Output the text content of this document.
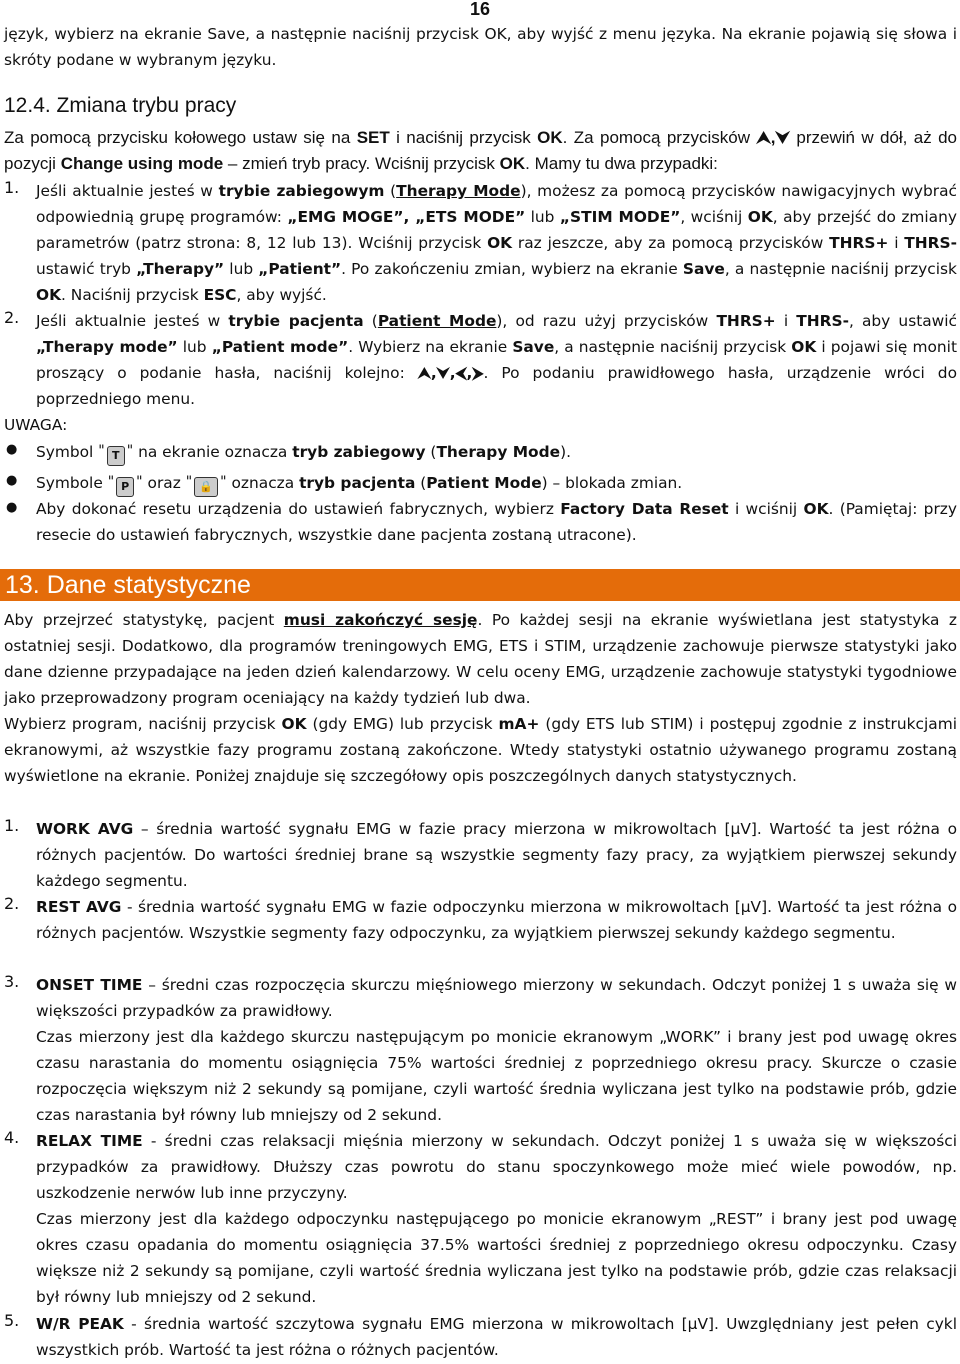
16
język, wybierz na ekranie Save, a następnie naciśnij przycisk OK, aby wyjść z menu języka. Na ekranie pojawią się słowa i skróty podane w wybranym języku.
12.4. Zmiana trybu pracy
Za pomocą przycisku kołowego ustaw się na SET i naciśnij przycisk OK. Za pomocą przycisków ⮝,⮟ przewiń w dół, aż do pozycji Change using mode – zmień tryb pracy. Wciśnij przycisk OK. Mamy tu dwa przypadki:
1.	Jeśli aktualnie jesteś w trybie zabiegowym (Therapy Mode), możesz za pomocą przycisków nawigacyjnych wybrać odpowiednią grupę programów: „EMG MOGE”, „ETS MODE” lub „STIM MODE”, wciśnij OK, aby przejść do zmiany parametrów (patrz strona: 8, 12 lub 13). Wciśnij przycisk OK raz jeszcze, aby za pomocą przycisków THRS+ i THRS- ustawić tryb „Therapy” lub „Patient”. Po zakończeniu zmian, wybierz na ekranie Save, a następnie naciśnij przycisk OK. Naciśnij przycisk ESC, aby wyjść.
2.	Jeśli aktualnie jesteś w trybie pacjenta (Patient Mode), od razu użyj przycisków THRS+ i THRS-, aby ustawić „Therapy mode” lub „Patient mode”. Wybierz na ekranie Save, a następnie naciśnij przycisk OK i pojawi się monit proszący o podanie hasła, naciśnij kolejno: ⮝,⮟,⮜,⮞. Po podaniu prawidłowego hasła, urządzenie wróci do poprzedniego menu.
UWAGA:
● Symbol " T " na ekranie oznacza tryb zabiegowy (Therapy Mode).
● Symbole " P " oraz " 🔒 " oznacza tryb pacjenta (Patient Mode) – blokada zmian.
● Aby dokonać resetu urządzenia do ustawień fabrycznych, wybierz Factory Data Reset i wciśnij OK. (Pamiętaj: przy resecie do ustawień fabrycznych, wszystkie dane pacjenta zostaną utracone).
13. Dane statystyczne
Aby przejrzeć statystykę, pacjent musi zakończyć sesję. Po każdej sesji na ekranie wyświetlana jest statystyka z ostatniej sesji. Dodatkowo, dla programów treningowych EMG, ETS i STIM, urządzenie zachowuje pierwsze statystyki jako dane dzienne przypadające na jeden dzień kalendarzowy. W celu oceny EMG, urządzenie zachowuje statystyki tygodniowe jako przeprowadzony program oceniający na każdy tydzień lub dwa.
Wybierz program, naciśnij przycisk OK (gdy EMG) lub przycisk mA+ (gdy ETS lub STIM) i postępuj zgodnie z instrukcjami ekranowymi, aż wszystkie fazy programu zostaną zakończone. Wtedy statystyki ostatnio używanego programu zostaną wyświetlone na ekranie. Poniżej znajduje się szczegółowy opis poszczególnych danych statystycznych.
1.	WORK AVG – średnia wartość sygnału EMG w fazie pracy mierzona w mikrowoltach [μV]. Wartość ta jest różna o różnych pacjentów. Do wartości średniej brane są wszystkie segmenty fazy pracy, za wyjątkiem pierwszej sekundy każdego segmentu.
2.	REST AVG - średnia wartość sygnału EMG w fazie odpoczynku mierzona w mikrowoltach [μV]. Wartość ta jest różna o różnych pacjentów. Wszystkie segmenty fazy odpoczynku, za wyjątkiem pierwszej sekundy każdego segmentu.
3.	ONSET TIME – średni czas rozpoczęcia skurczu mięśniowego mierzony w sekundach. Odczyt poniżej 1 s uważa się w większości przypadków za prawidłowy.
Czas mierzony jest dla każdego skurczu następującym po monicie ekranowym „WORK” i brany jest pod uwagę okres czasu narastania do momentu osiągnięcia 75% wartości średniej z poprzedniego okresu pracy. Skurcze o czasie rozpoczęcia większym niż 2 sekundy są pomijane, czyli wartość średnia wyliczana jest tylko na podstawie prób, gdzie czas narastania był równy lub mniejszy od 2 sekund.
4.	RELAX TIME - średni czas relaksacji mięśnia mierzony w sekundach. Odczyt poniżej 1 s uważa się w większości przypadków za prawidłowy. Dłuższy czas powrotu do stanu spoczynkowego może mieć wiele powodów, np. uszkodzenie nerwów lub inne przyczyny.
Czas mierzony jest dla każdego odpoczynku następującego po monicie ekranowym „REST” i brany jest pod uwagę okres czasu opadania do momentu osiągnięcia 37.5% wartości średniej z poprzedniego okresu odpoczynku. Czasy większe niż 2 sekundy są pomijane, czyli wartość średnia wyliczana jest tylko na podstawie prób, gdzie czas relaksacji był równy lub mniejszy od 2 sekund.
5.	W/R PEAK - średnia wartość szczytowa sygnału EMG mierzona w mikrowoltach [μV]. Uwzględniany jest pełen cykl wszystkich prób. Wartość ta jest różna o różnych pacjentów.
